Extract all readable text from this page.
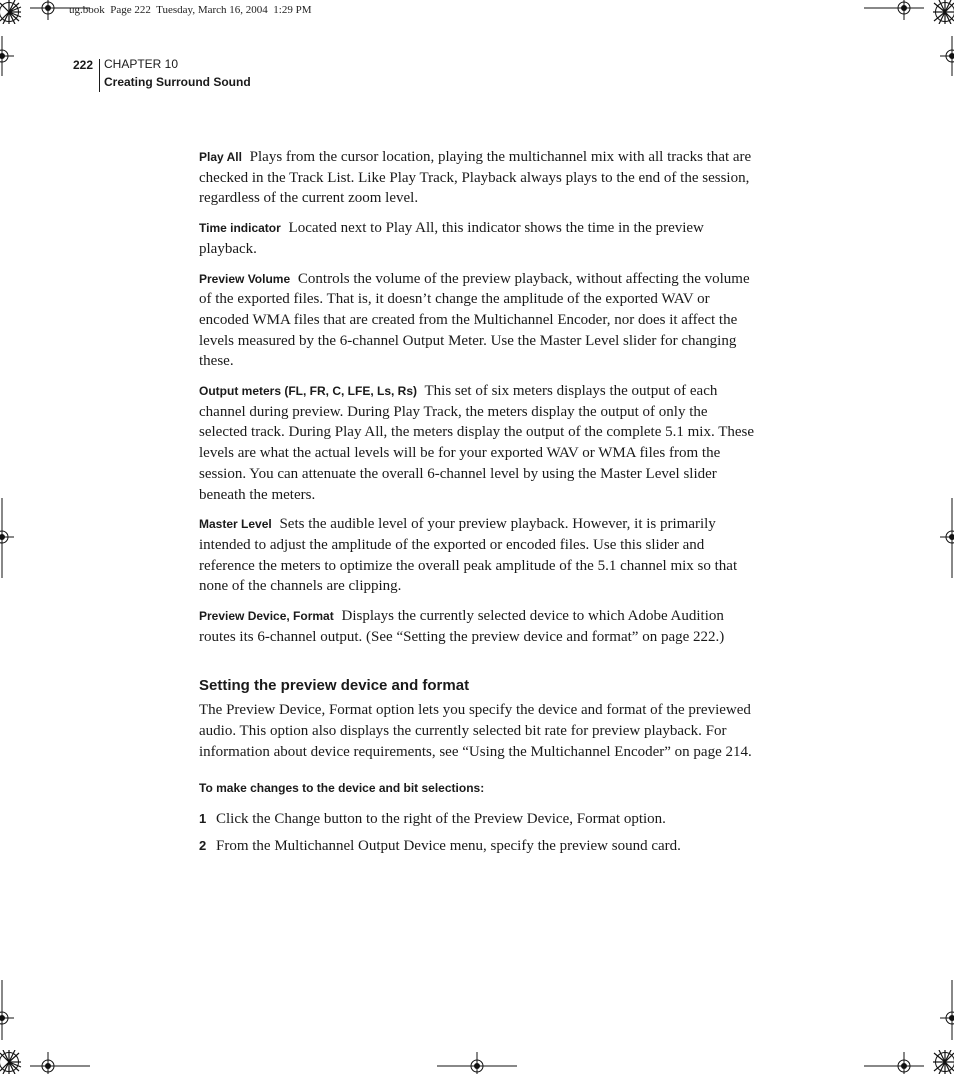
ug.book  Page 222  Tuesday, March 16, 2004  1:29 PM
222 CHAPTER 10
Creating Surround Sound

Play All Plays from the cursor location, playing the multichannel mix with all tracks that are checked in the Track List. Like Play Track, Playback always plays to the end of the session, regardless of the current zoom level.

Time indicator Located next to Play All, this indicator shows the time in the preview playback.

Preview Volume Controls the volume of the preview playback, without affecting the volume of the exported files. That is, it doesn’t change the amplitude of the exported WAV or encoded WMA files that are created from the Multichannel Encoder, nor does it affect the levels measured by the 6-channel Output Meter. Use the Master Level slider for changing these.

Output meters (FL, FR, C, LFE, Ls, Rs) This set of six meters displays the output of each channel during preview. During Play Track, the meters display the output of only the selected track. During Play All, the meters display the output of the complete 5.1 mix. These levels are what the actual levels will be for your exported WAV or WMA files from the session. You can attenuate the overall 6-channel level by using the Master Level slider beneath the meters.

Master Level Sets the audible level of your preview playback. However, it is primarily intended to adjust the amplitude of the exported or encoded files. Use this slider and reference the meters to optimize the overall peak amplitude of the 5.1 channel mix so that none of the channels are clipping.

Preview Device, Format Displays the currently selected device to which Adobe Audition routes its 6-channel output. (See “Setting the preview device and format” on page 222.)

Setting the preview device and format

The Preview Device, Format option lets you specify the device and format of the previewed audio. This option also displays the currently selected bit rate for preview playback. For information about device requirements, see “Using the Multichannel Encoder” on page 214.

To make changes to the device and bit selections:

1 Click the Change button to the right of the Preview Device, Format option.

2 From the Multichannel Output Device menu, specify the preview sound card.
